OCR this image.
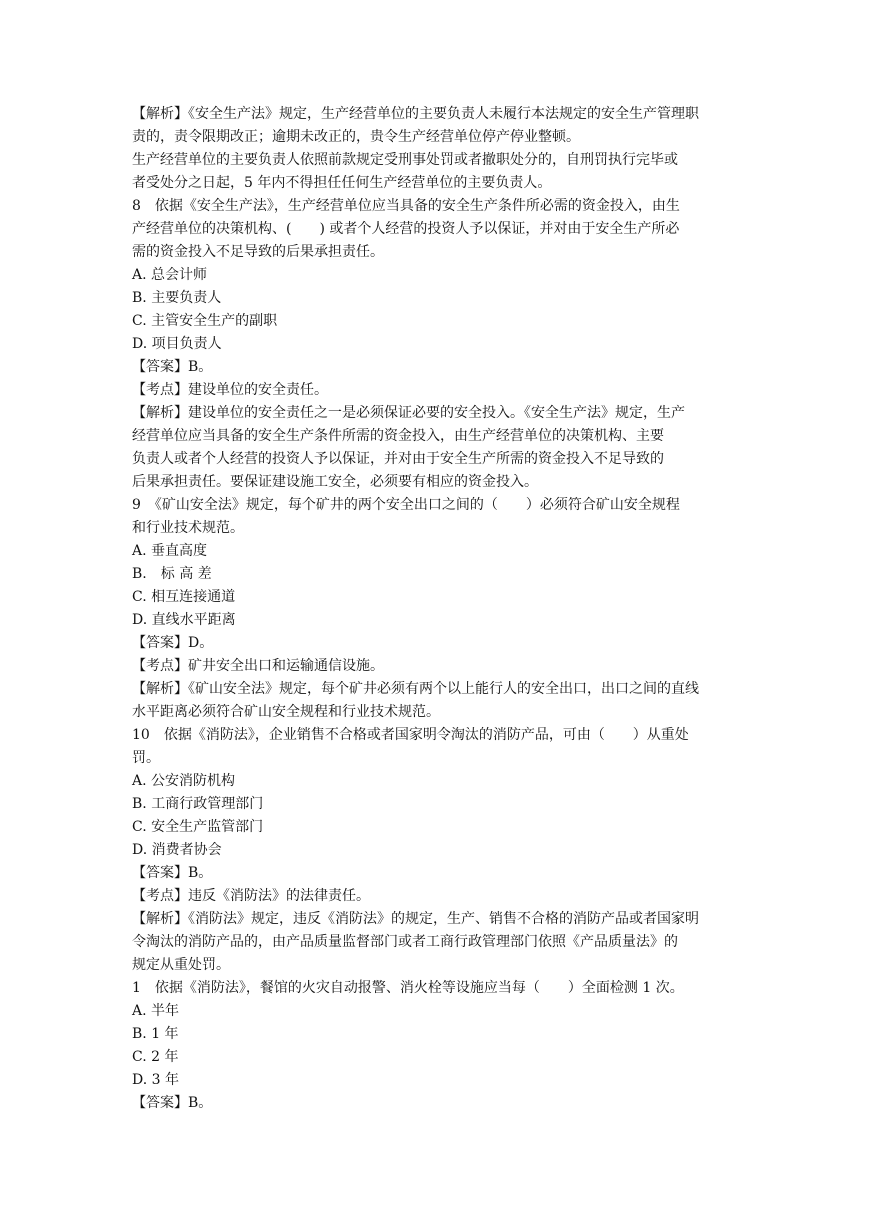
【解析】《安全生产法》规定，生产经营单位的主要负责人未履行本法规定的安全生产管理职

责的，责令限期改正；逾期未改正的，贵令生产经营单位停产停业整顿。

生产经营单位的主要负责人依照前款规定受刑事处罚或者撤职处分的，自刑罚执行完毕或

者受处分之日起，5 年内不得担任任何生产经营单位的主要负责人。

8　依据《安全生产法》，生产经营单位应当具备的安全生产条件所必需的资金投入，由生

产经营单位的决策机构、(　　) 或者个人经营的投资人予以保证，并对由于安全生产所必

需的资金投入不足导致的后果承担责任。

A. 总会计师

B. 主要负责人

C. 主管安全生产的副职

D. 项目负责人

【答案】B。

【考点】建设单位的安全责任。

【解析】建设单位的安全责任之一是必须保证必要的安全投入。《安全生产法》规定，生产

经营单位应当具备的安全生产条件所需的资金投入，由生产经营单位的决策机构、主要

负责人或者个人经营的投资人予以保证，并对由于安全生产所需的资金投入不足导致的

后果承担责任。要保证建设施工安全，必须要有相应的资金投入。

9　《矿山安全法》规定，每个矿井的两个安全出口之间的（　　）必须符合矿山安全规程

和行业技术规范。

A. 垂直高度

B.　标 高 差

C. 相互连接通道

D. 直线水平距离

【答案】D。

【考点】矿井安全出口和运输通信设施。

【解析】《矿山安全法》规定，每个矿井必须有两个以上能行人的安全出口，出口之间的直线

水平距离必须符合矿山安全规程和行业技术规范。

10　依据《消防法》，企业销售不合格或者国家明令淘汰的消防产品，可由（　　）从重处

罚。

A. 公安消防机构

B. 工商行政管理部门

C. 安全生产监管部门

D. 消费者协会

【答案】B。

【考点】违反《消防法》的法律责任。

【解析】《消防法》规定，违反《消防法》的规定，生产、销售不合格的消防产品或者国家明

令淘汰的消防产品的，由产品质量监督部门或者工商行政管理部门依照《产品质量法》的

规定从重处罚。

1　依据《消防法》，餐馆的火灾自动报警、消火栓等设施应当每（　　）全面检测 1 次。

A. 半年

B. 1 年

C. 2 年

D. 3 年

【答案】B。
